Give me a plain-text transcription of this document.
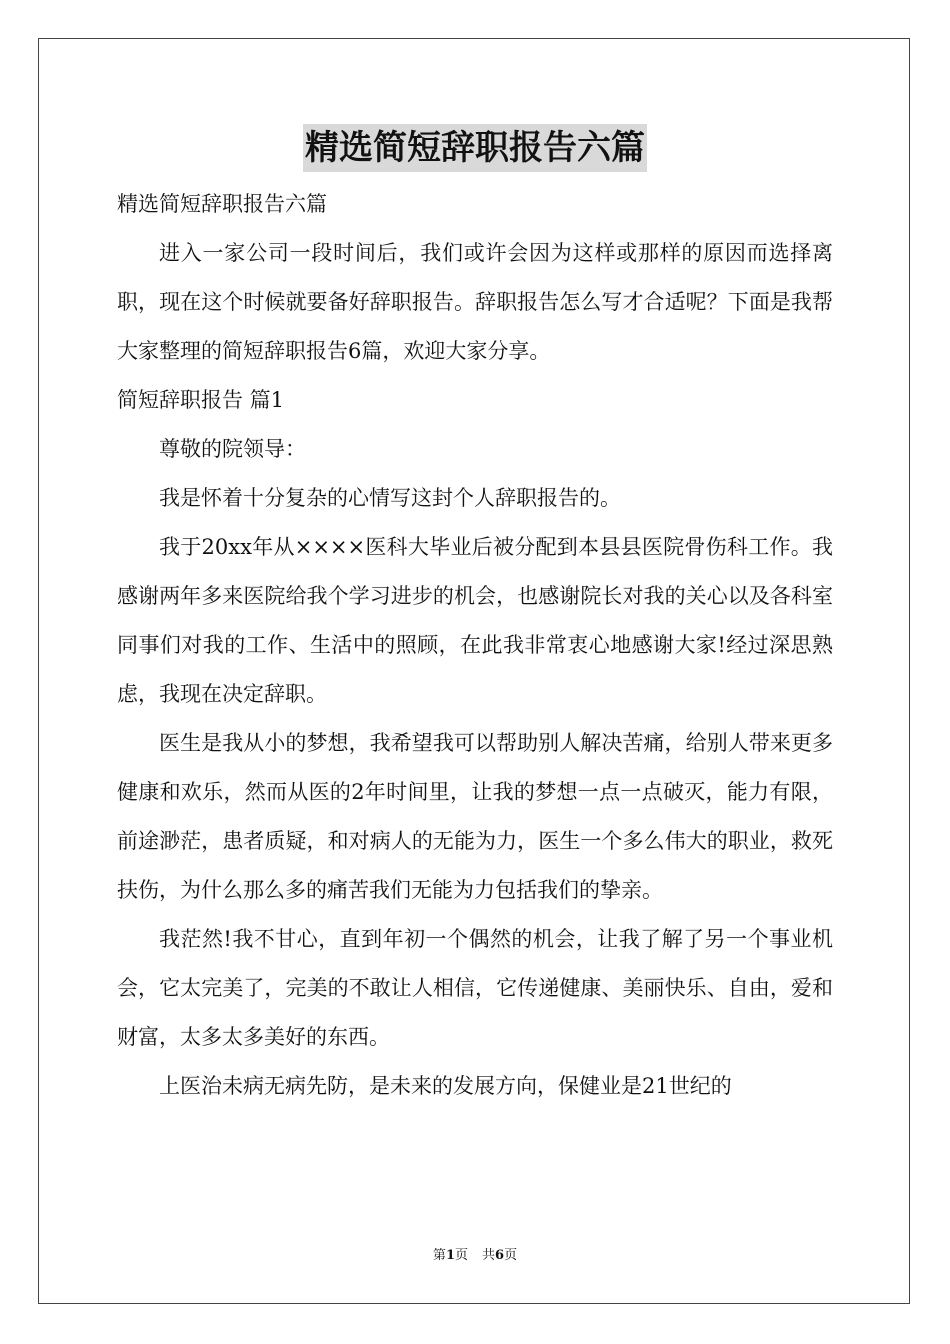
精选简短辞职报告六篇

精选简短辞职报告六篇

进入一家公司一段时间后，我们或许会因为这样或那样的原因而选择离职，现在这个时候就要备好辞职报告。辞职报告怎么写才合适呢？下面是我帮大家整理的简短辞职报告6篇，欢迎大家分享。

简短辞职报告 篇1

尊敬的院领导：

我是怀着十分复杂的心情写这封个人辞职报告的。

我于20xx年从××××医科大毕业后被分配到本县县医院骨伤科工作。我感谢两年多来医院给我个学习进步的机会，也感谢院长对我的关心以及各科室同事们对我的工作、生活中的照顾，在此我非常衷心地感谢大家!经过深思熟虑，我现在决定辞职。

医生是我从小的梦想，我希望我可以帮助别人解决苦痛，给别人带来更多健康和欢乐，然而从医的2年时间里，让我的梦想一点一点破灭，能力有限，前途渺茫，患者质疑，和对病人的无能为力，医生一个多么伟大的职业，救死扶伤，为什么那么多的痛苦我们无能为力包括我们的挚亲。

我茫然!我不甘心，直到年初一个偶然的机会，让我了解了另一个事业机会，它太完美了，完美的不敢让人相信，它传递健康、美丽快乐、自由，爱和财富，太多太多美好的东西。

上医治未病无病先防，是未来的发展方向，保健业是21世纪的

第1页 共6页
